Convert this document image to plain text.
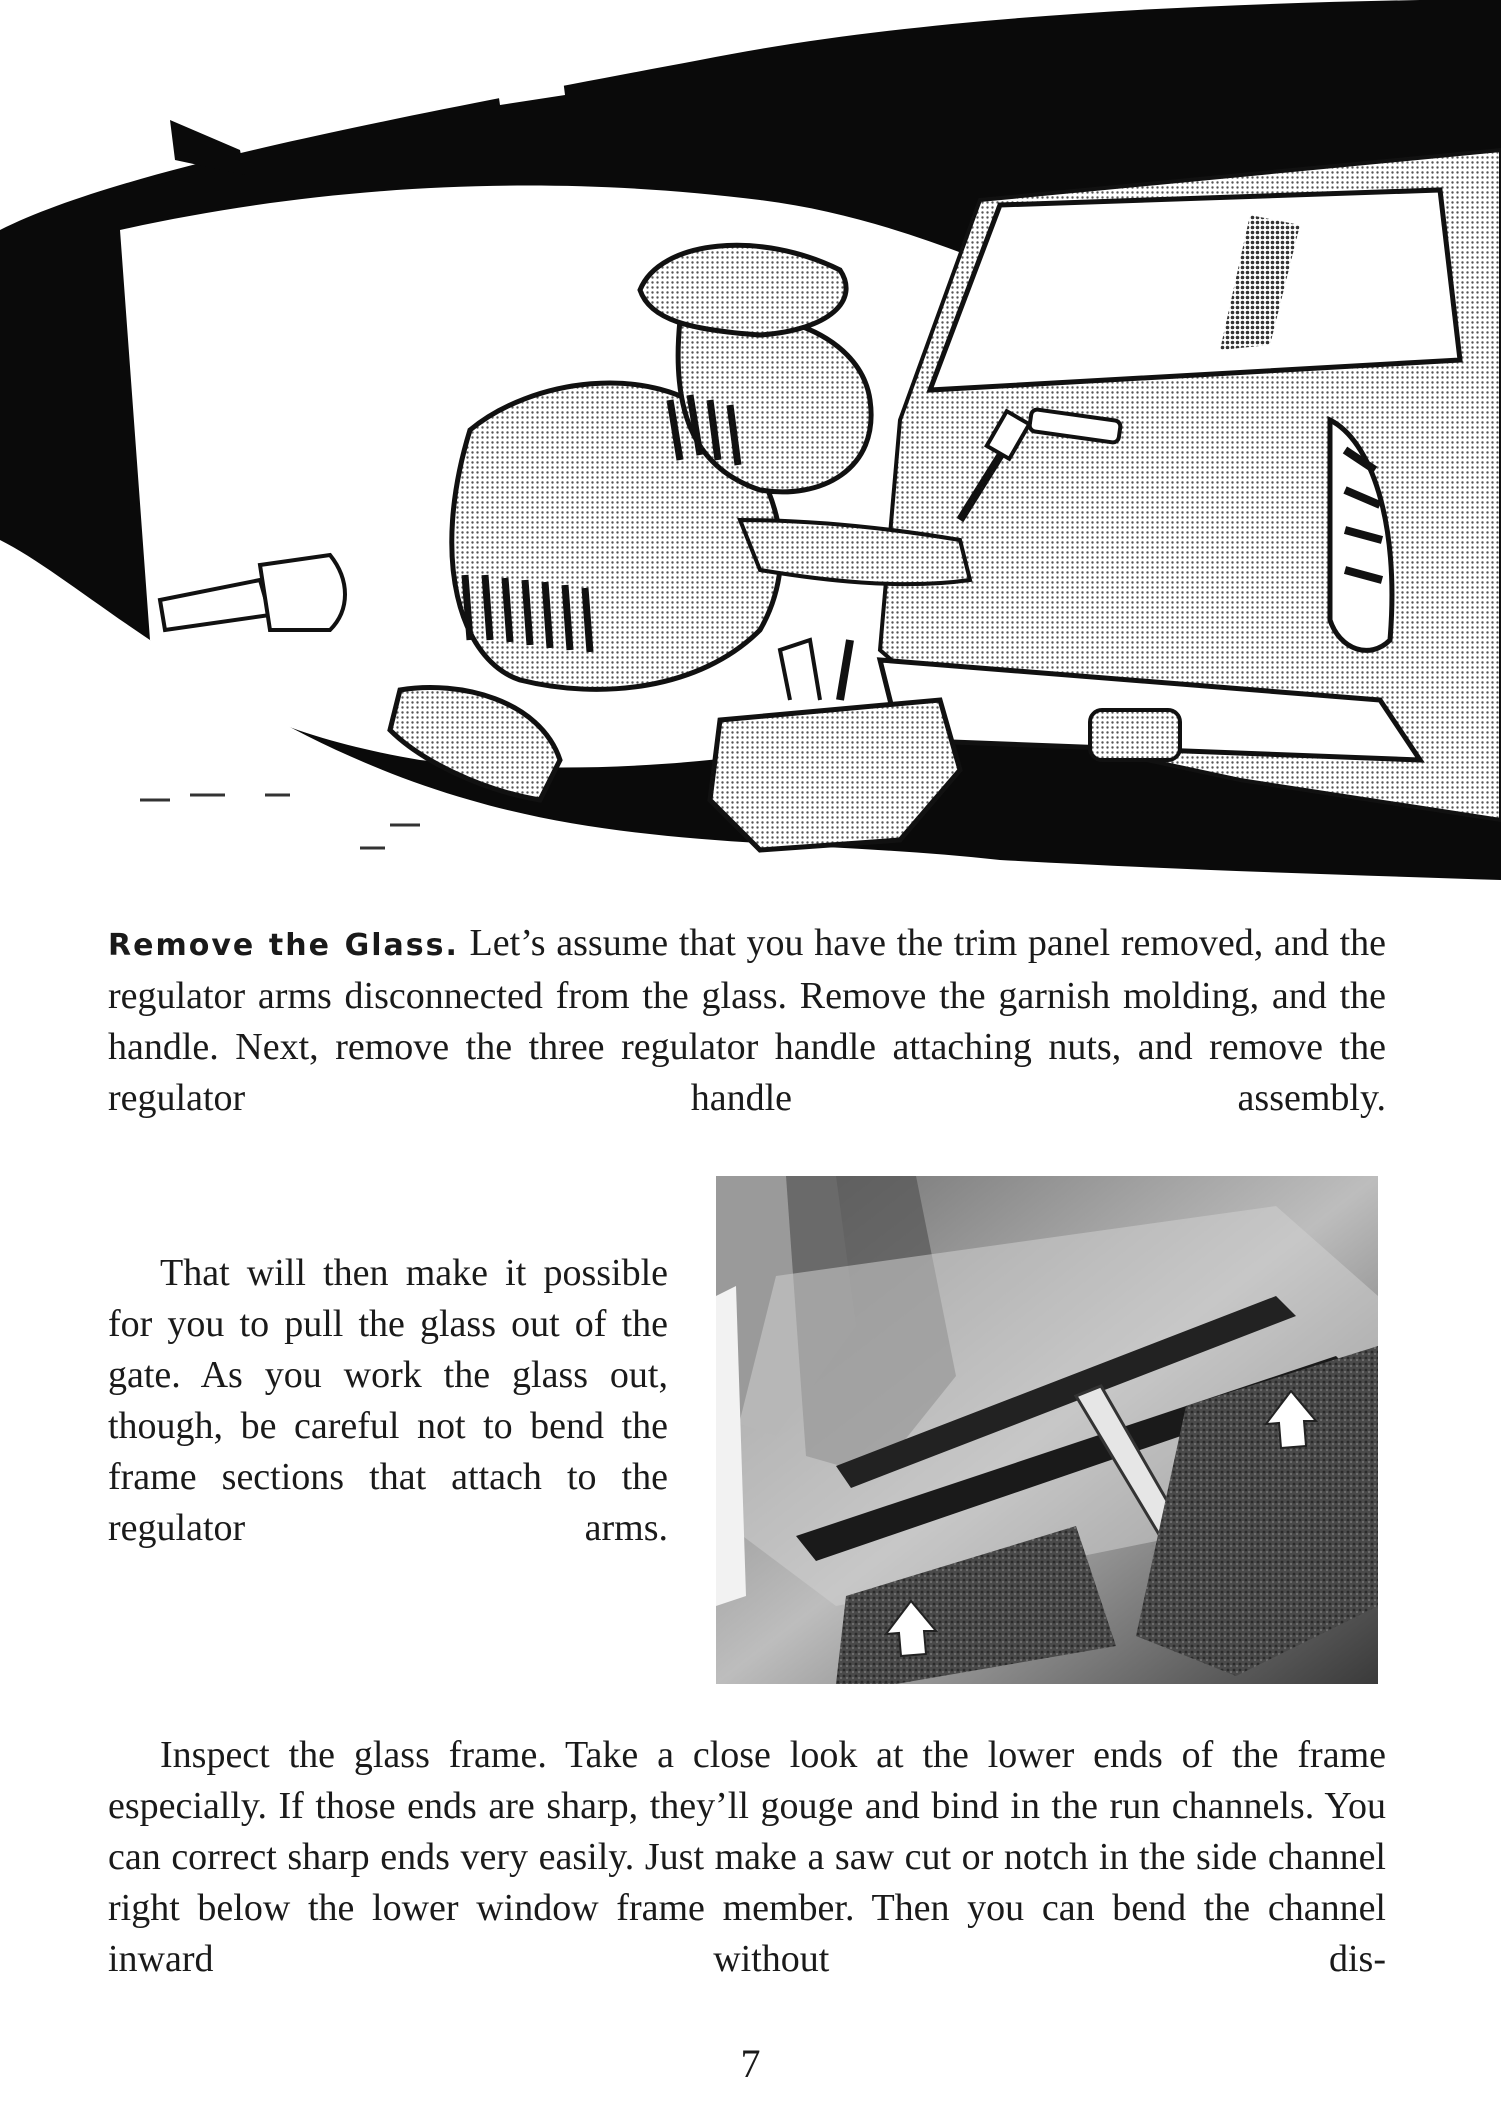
Remove the Glass. Let’s assume that you have the trim panel removed, and the regulator arms disconnected from the glass. Remove the garnish molding, and the handle. Next, remove the three regulator handle attaching nuts, and remove the regulator handle assembly.

That will then make it possible for you to pull the glass out of the gate. As you work the glass out, though, be careful not to bend the frame sections that attach to the regulator arms.

Inspect the glass frame. Take a close look at the lower ends of the frame especially. If those ends are sharp, they’ll gouge and bind in the run channels. You can correct sharp ends very easily. Just make a saw cut or notch in the side channel right below the lower window frame member. Then you can bend the channel inward without dis-

7
